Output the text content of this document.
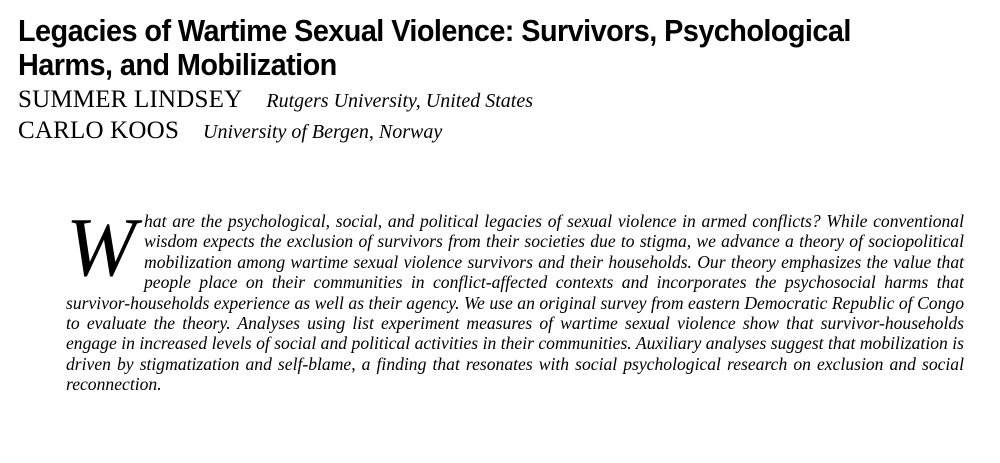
Legacies of Wartime Sexual Violence: Survivors, Psychological
Harms, and Mobilization
SUMMER LINDSEY Rutgers University, United States
CARLO KOOS University of Bergen, Norway

What are the psychological, social, and political legacies of sexual violence in armed conflicts? While conventional wisdom expects the exclusion of survivors from their societies due to stigma, we advance a theory of sociopolitical mobilization among wartime sexual violence survivors and their households. Our theory emphasizes the value that people place on their communities in conflict-affected contexts and incorporates the psychosocial harms that survivor-households experience as well as their agency. We use an original survey from eastern Democratic Republic of Congo to evaluate the theory. Analyses using list experiment measures of wartime sexual violence show that survivor-households engage in increased levels of social and political activities in their communities. Auxiliary analyses suggest that mobilization is driven by stigmatization and self-blame, a finding that resonates with social psychological research on exclusion and social reconnection.
